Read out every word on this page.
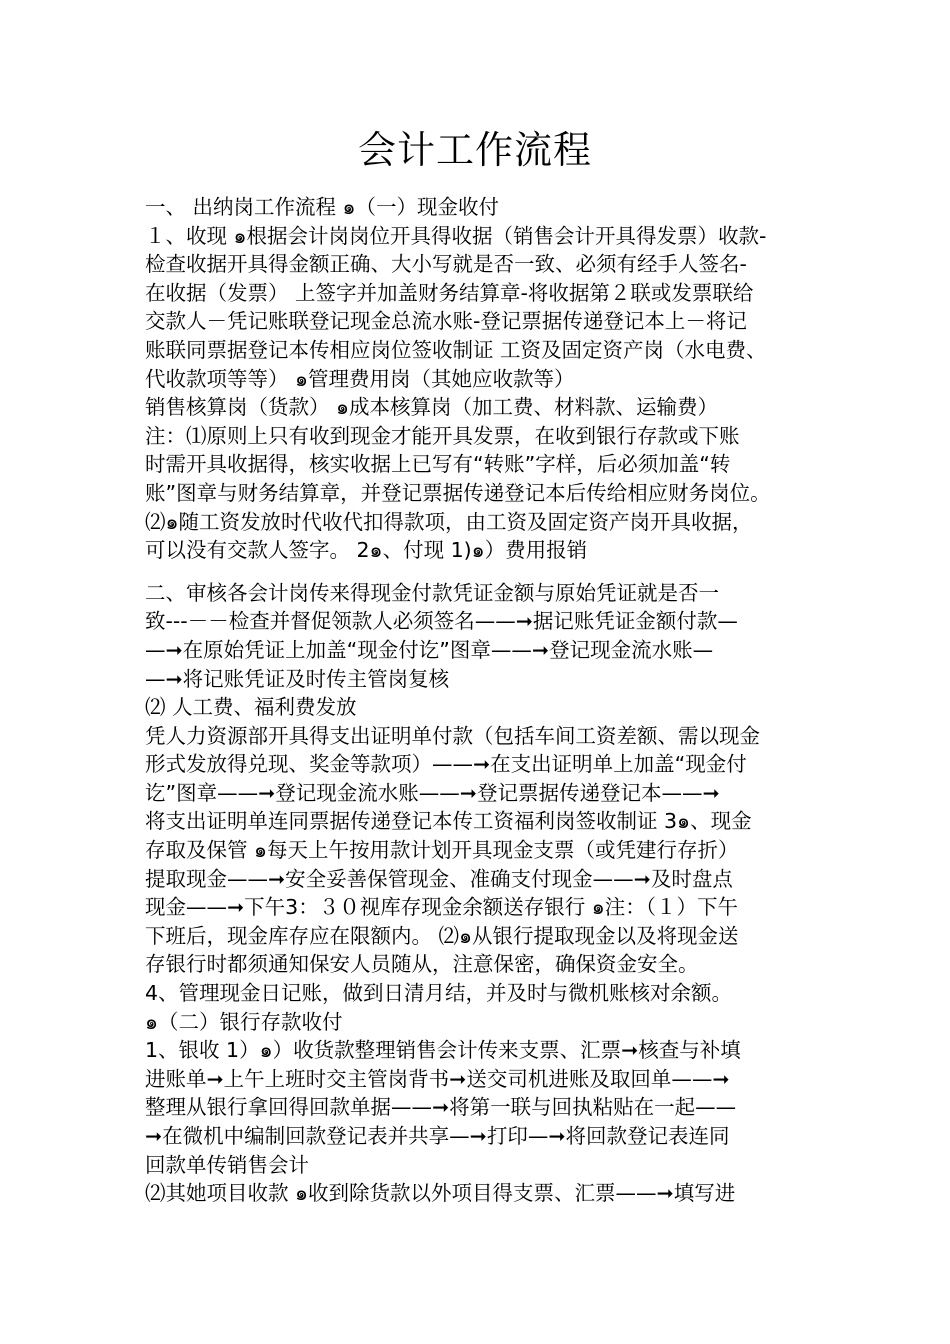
会计工作流程
一、 出纳岗工作流程 ๑（一）现金收付
１、收现 ๑根据会计岗岗位开具得收据（销售会计开具得发票）收款-
检查收据开具得金额正确、大小写就是否一致、必须有经手人签名-
在收据（发票） 上签字并加盖财务结算章-将收据第２联或发票联给
交款人－凭记账联登记现金总流水账-登记票据传递登记本上－将记
账联同票据登记本传相应岗位签收制证 工资及固定资产岗（水电费、
代收款项等等） ๑管理费用岗（其她应收款等）
销售核算岗（货款） ๑成本核算岗（加工费、材料款、运输费）
注：⑴原则上只有收到现金才能开具发票，在收到银行存款或下账
时需开具收据得，核实收据上已写有“转账”字样，后必须加盖“转
账”图章与财务结算章，并登记票据传递登记本后传给相应财务岗位。
⑵๑随工资发放时代收代扣得款项，由工资及固定资产岗开具收据，
可以没有交款人签字。 2๑、付现 1)๑）费用报销
二、审核各会计岗传来得现金付款凭证金额与原始凭证就是否一
致---－－检查并督促领款人必须签名——➞据记账凭证金额付款—
—➞在原始凭证上加盖“现金付讫”图章——➞登记现金流水账—
—➞将记账凭证及时传主管岗复核
⑵ 人工费、福利费发放
凭人力资源部开具得支出证明单付款（包括车间工资差额、需以现金
形式发放得兑现、奖金等款项）——➞在支出证明单上加盖“现金付
讫”图章——➞登记现金流水账——➞登记票据传递登记本——➞
将支出证明单连同票据传递登记本传工资福利岗签收制证 3๑、现金
存取及保管 ๑每天上午按用款计划开具现金支票（或凭建行存折）
提取现金——➞安全妥善保管现金、准确支付现金——➞及时盘点
现金——➞下午3：３０视库存现金余额送存银行 ๑注：（１）下午
下班后，现金库存应在限额内。 ⑵๑从银行提取现金以及将现金送
存银行时都须通知保安人员随从，注意保密，确保资金安全。
4、管理现金日记账，做到日清月结，并及时与微机账核对余额。
๑（二）银行存款收付
1、银收 1）๑）收货款整理销售会计传来支票、汇票➞核查与补填
进账单➞上午上班时交主管岗背书➞送交司机进账及取回单——➞
整理从银行拿回得回款单据——➞将第一联与回执粘贴在一起——
➞在微机中编制回款登记表并共享—➞打印—➞将回款登记表连同
回款单传销售会计
⑵其她项目收款 ๑收到除货款以外项目得支票、汇票——➞填写进
